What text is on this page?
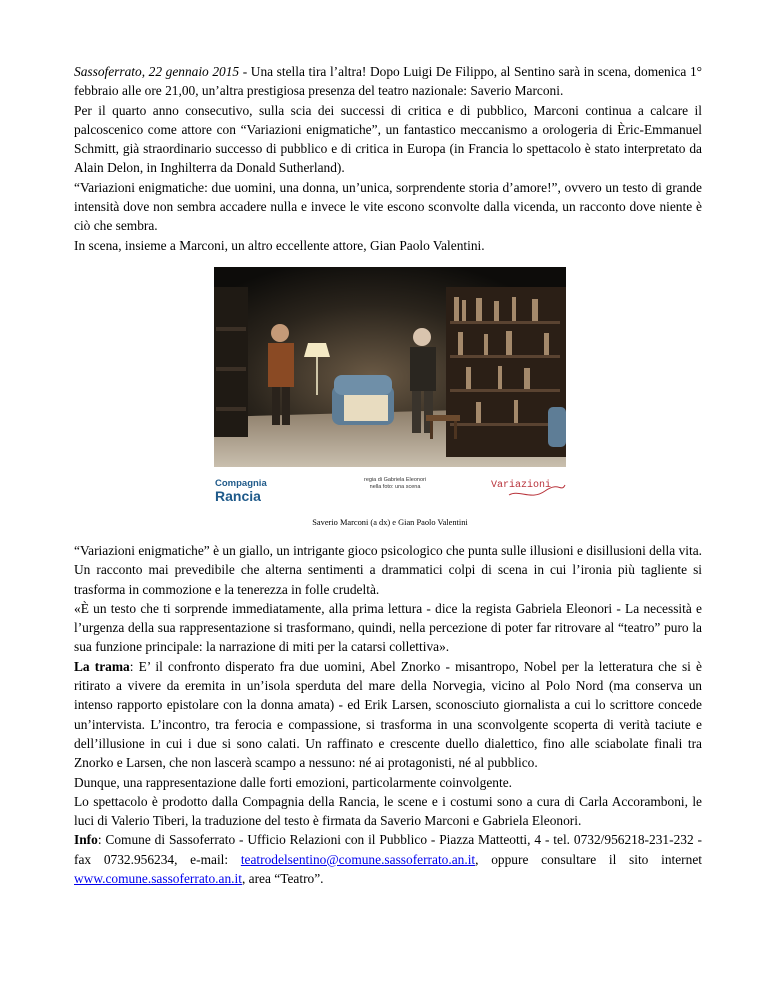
Sassoferrato, 22 gennaio 2015 - Una stella tira l’altra! Dopo Luigi De Filippo, al Sentino sarà in scena, domenica 1° febbraio alle ore 21,00, un’altra prestigiosa presenza del teatro nazionale: Saverio Marconi.

Per il quarto anno consecutivo, sulla scia dei successi di critica e di pubblico, Marconi continua a calcare il palcoscenico come attore con “Variazioni enigmatiche”, un fantastico meccanismo a orologeria di Èric-Emmanuel Schmitt, già straordinario successo di pubblico e di critica in Europa (in Francia lo spettacolo è stato interpretato da Alain Delon, in Inghilterra da Donald Sutherland).

“Variazioni enigmatiche: due uomini, una donna, un’unica, sorprendente storia d’amore!”, ovvero un testo di grande intensità dove non sembra accadere nulla e invece le vite escono sconvolte dalla vicenda, un racconto dove niente è ciò che sembra.

In scena, insieme a Marconi, un altro eccellente attore, Gian Paolo Valentini.

Compagnia
Rancia
regia di Gabriela Eleonori
nella foto: una scena	Variazioni
Saverio Marconi (a dx) e Gian Paolo Valentini

“Variazioni enigmatiche” è un giallo, un intrigante gioco psicologico che punta sulle illusioni e disillusioni della vita. Un racconto mai prevedibile che alterna sentimenti a drammatici colpi di scena in cui l’ironia più tagliente si trasforma in commozione e la tenerezza in folle crudeltà.

«È un testo che ti sorprende immediatamente, alla prima lettura - dice la regista Gabriela Eleonori - La necessità e l’urgenza della sua rappresentazione si trasformano, quindi, nella percezione di poter far ritrovare al “teatro” puro la sua funzione principale: la narrazione di miti per la catarsi collettiva».

La trama: E’ il confronto disperato fra due uomini, Abel Znorko - misantropo, Nobel per la letteratura che si è ritirato a vivere da eremita in un’isola sperduta del mare della Norvegia, vicino al Polo Nord (ma conserva un intenso rapporto epistolare con la donna amata) - ed Erik Larsen, sconosciuto giornalista a cui lo scrittore concede un’intervista. L’incontro, tra ferocia e compassione, si trasforma in una sconvolgente scoperta di verità taciute e dell’illusione in cui i due si sono calati. Un raffinato e crescente duello dialettico, fino alle sciabolate finali tra Znorko e Larsen, che non lascerà scampo a nessuno: né ai protagonisti, né al pubblico.

Dunque, una rappresentazione dalle forti emozioni, particolarmente coinvolgente.

Lo spettacolo è prodotto dalla Compagnia della Rancia, le scene e i costumi sono a cura di Carla Accoramboni, le luci di Valerio Tiberi, la traduzione del testo è firmata da Saverio Marconi e Gabriela Eleonori.

Info: Comune di Sassoferrato - Ufficio Relazioni con il Pubblico - Piazza Matteotti, 4 - tel. 0732/956218-231-232 - fax 0732.956234, e-mail: teatrodelsentino@comune.sassoferrato.an.it, oppure consultare il sito internet www.comune.sassoferrato.an.it, area “Teatro”.
